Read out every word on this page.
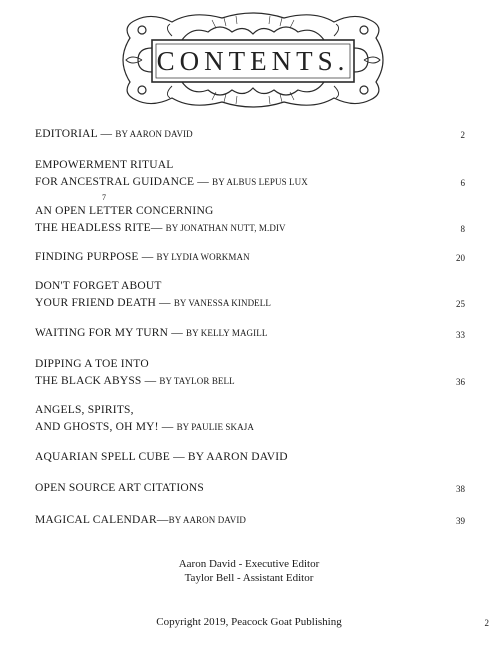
CONTENTS.
EDITORIAL — BY AARON DAVID	2
EMPOWERMENT RITUAL
FOR ANCESTRAL GUIDANCE — BY ALBUS LEPUS LUX	6
AN OPEN LETTER CONCERNING
THE HEADLESS RITE— BY JONATHAN NUTT, M.DIV	8
FINDING PURPOSE — BY LYDIA WORKMAN	20
DON'T FORGET ABOUT
YOUR FRIEND DEATH — BY VANESSA KINDELL	25
WAITING FOR MY TURN — BY KELLY MAGILL	33
DIPPING A TOE INTO
THE BLACK ABYSS — BY TAYLOR BELL	36
ANGELS, SPIRITS,
AND GHOSTS, OH MY! — BY PAULIE SKAJA
AQUARIAN SPELL CUBE — BY AARON DAVID
OPEN SOURCE ART CITATIONS	38
MAGICAL CALENDAR—BY AARON DAVID	39
7
Aaron David - Executive Editor
Taylor Bell - Assistant Editor
Copyright 2019, Peacock Goat Publishing	2
